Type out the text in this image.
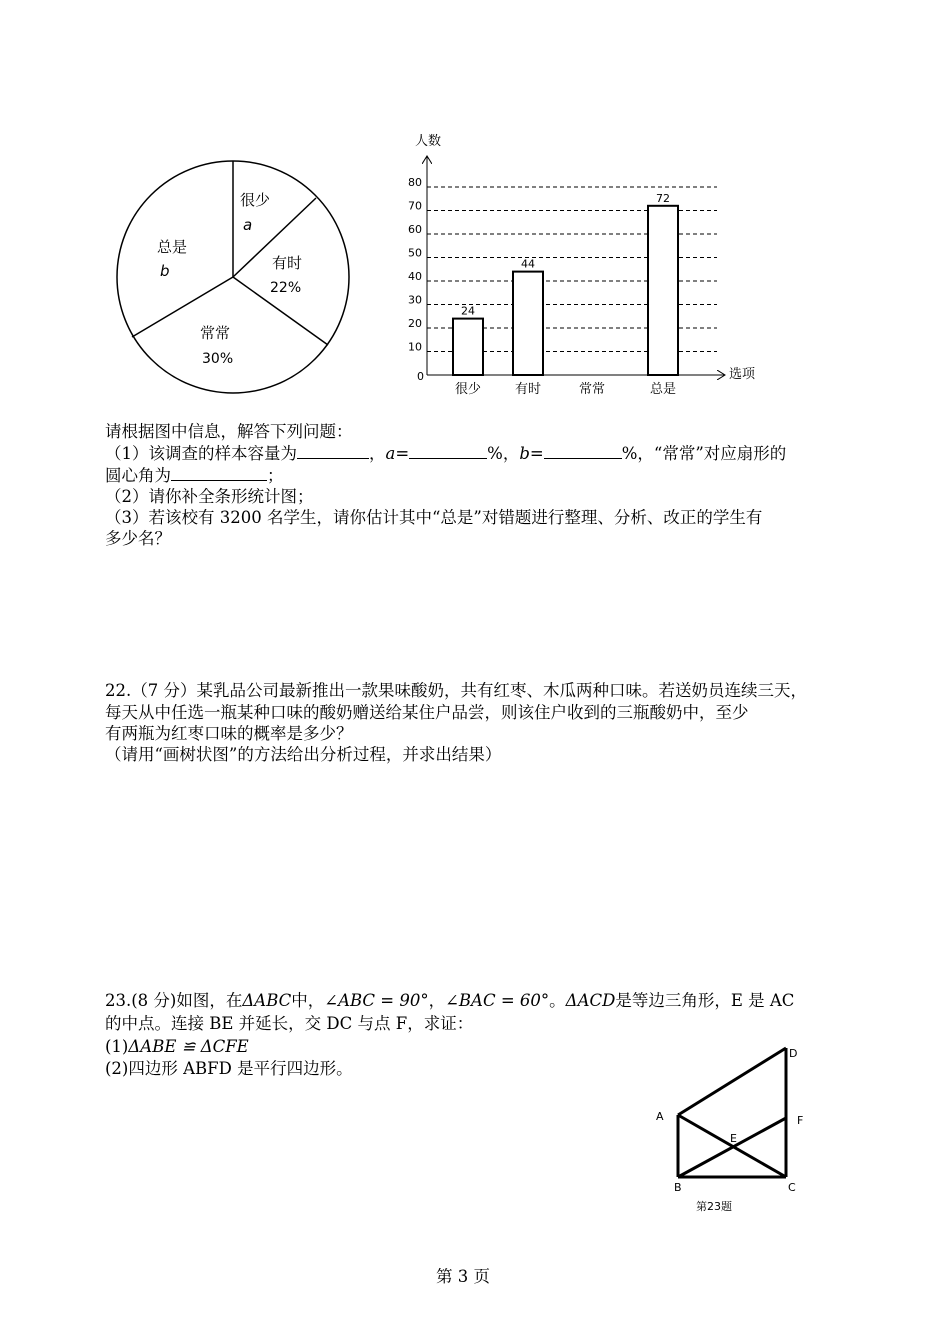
很少
a
有时
22%
常常
30%
总是
b
人数
选项
0
10
20
30
40
50
60
70
80
24
很少
44
有时	常常
72
总是
请根据图中信息，解答下列问题：
（1）该调查的样本容量为	，a=	%，b=	%，“常常”对应扇形的
圆心角为	；
（2）请你补全条形统计图；
（3）若该校有 3200 名学生，请你估计其中“总是”对错题进行整理、分析、改正的学生有
多少名？
22.（7 分）某乳品公司最新推出一款果味酸奶，共有红枣、木瓜两种口味。若送奶员连续三天，
每天从中任选一瓶某种口味的酸奶赠送给某住户品尝，则该住户收到的三瓶酸奶中，至少
有两瓶为红枣口味的概率是多少？
（请用“画树状图”的方法给出分析过程，并求出结果）
23.(8 分)如图，在ΔABC中，∠ABC = 90°，∠BAC = 60°。ΔACD是等边三角形，E 是 AC
的中点。连接 BE 并延长，交 DC 与点 F，求证：
(1)ΔABE ≌ ΔCFE
(2)四边形 ABFD 是平行四边形。
A
B	C
D
E
F
第23题
第 3 页
